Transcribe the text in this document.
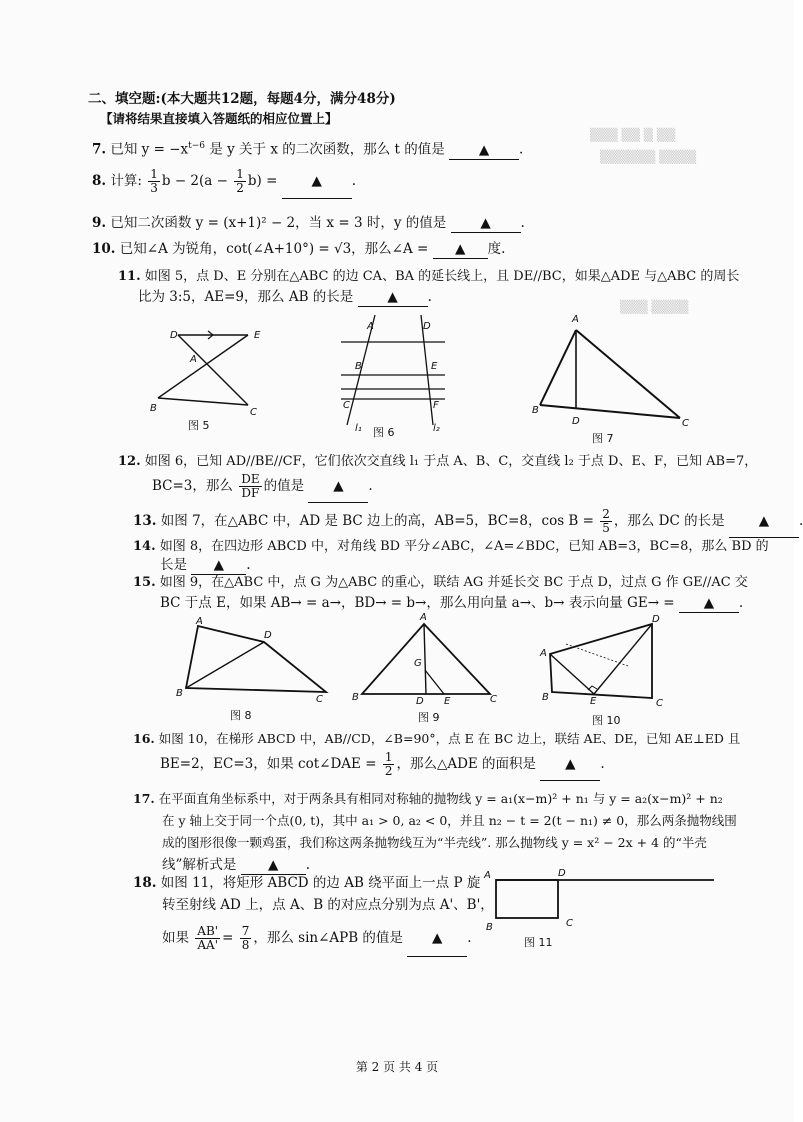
▒▒▒ ▒▒ ▒ ▒▒
▒▒▒▒▒▒ ▒▒▒▒
▒▒▒ ▒▒▒▒
二、填空题:(本大题共12题，每题4分，满分48分)
【请将结果直接填入答题纸的相应位置上】
7. 已知 $y = -x^{t-6}$ 是 y 关于 x 的二次函数，那么 t 的值是	▲ .
8. 计算: $\frac{1}{3}$ $b - 2(a - \frac{1}{2} b)$ =	▲ .
9. 已知二次函数 y = (x+1)² − 2，当 x = 3 时，y 的值是	▲ .
10. 已知∠A 为锐角，cot(∠A+10°) = √3，那么∠A = ▲ 度.
11. 如图 5，点 D、E 分别在△ABC 的边 CA、BA 的延长线上，且 DE//BC，如果△ADE 与△ABC 的周长
比为 3:5，AE=9，那么 AB 的长是	▲ .
D	E
A
B	C
图 5
A	D
B	E
C	F
l₁	l₂
图 6
A
B
D	C
图 7
12. 如图 6，已知 AD//BE//CF，它们依次交直线 l₁ 于点 A、B、C，交直线 l₂ 于点 D、E、F，已知 AB=7，
BC=3，那么 $\frac{DE}{DF}$ 的值是 ▲ .
13. 如图 7，在△ABC 中，AD 是 BC 边上的高，AB=5，BC=8，$\cos B = \frac{2}{5}$ ，那么 DC 的长是	▲ .
14. 如图 8，在四边形 ABCD 中，对角线 BD 平分∠ABC，∠A=∠BDC，已知 AB=3，BC=8，那么 BD 的
长是 ▲ .
15. 如图 9，在△ABC 中，点 G 为△ABC 的重心，联结 AG 并延长交 BC 于点 D，过点 G 作 GE//AC 交
BC 于点 E，如果 AB→ = a→，BD→ = b→，那么用向量 a→、b→ 表示向量 GE→ = ▲ .
A
D
B
C
图 8
G
A
B	D E	C
图 9
D
A
B	E	C
图 10
16. 如图 10，在梯形 ABCD 中，AB//CD，∠B=90°，点 E 在 BC 边上，联结 AE、DE，已知 AE⊥ED 且
BE=2，EC=3，如果 cot∠DAE = $\frac{1}{2}$ ，那么△ADE 的面积是 ▲ .
17. 在平面直角坐标系中，对于两条具有相同对称轴的抛物线 y = a₁(x−m)² + n₁ 与 y = a₂(x−m)² + n₂
在 y 轴上交于同一个点(0, t)，其中 a₁ > 0, a₂ < 0，并且 n₂ − t = 2(t − n₁) ≠ 0，那么两条抛物线围
成的图形很像一颗鸡蛋，我们称这两条抛物线互为“半壳线”. 那么抛物线 y = x² − 2x + 4 的“半壳
线”解析式是 ▲ .
18. 如图 11，将矩形 ABCD 的边 AB 绕平面上一点 P 旋
转至射线 AD 上，点 A、B 的对应点分别为点 A'、B'，
如果 $\frac{AB'}{AA'} = \frac{7}{8}$ ，那么 sin∠APB 的值是 ▲ .
A	D
B	C
图 11
第 2 页 共 4 页
